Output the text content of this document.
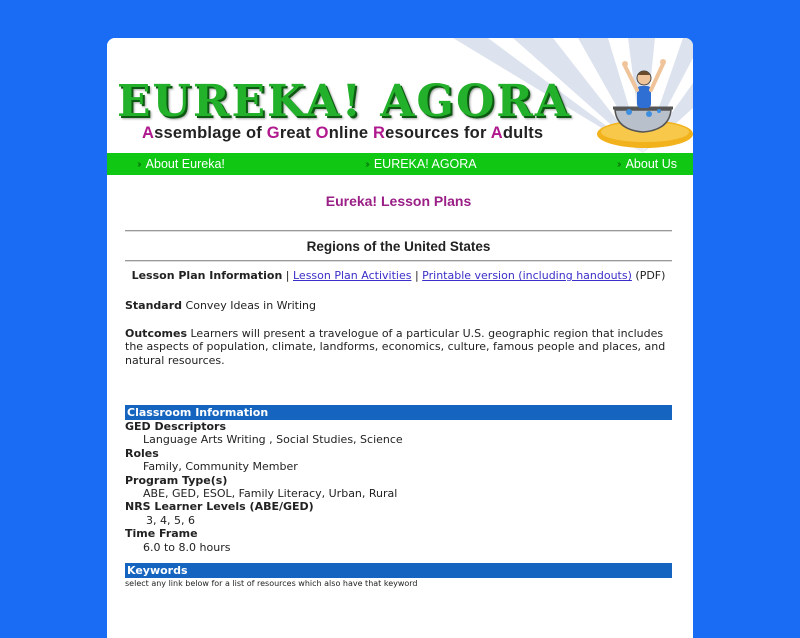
EUREKA! AGORA
Assemblage of Great Online Resources for Adults
›› About Eureka!	›› EUREKA! AGORA	›› About Us
Eureka! Lesson Plans
Regions of the United States
Lesson Plan Information | Lesson Plan Activities | Printable version (including handouts) (PDF)
Standard Convey Ideas in Writing
Outcomes Learners will present a travelogue of a particular U.S. geographic region that includes the aspects of population, climate, landforms, economics, culture, famous people and places, and natural resources.
Classroom Information
GED Descriptors
Language Arts Writing , Social Studies, Science
Roles
Family, Community Member
Program Type(s)
ABE, GED, ESOL, Family Literacy, Urban, Rural
NRS Learner Levels (ABE/GED)
3, 4, 5, 6
Time Frame
6.0 to 8.0 hours
Keywords
select any link below for a list of resources which also have that keyword
